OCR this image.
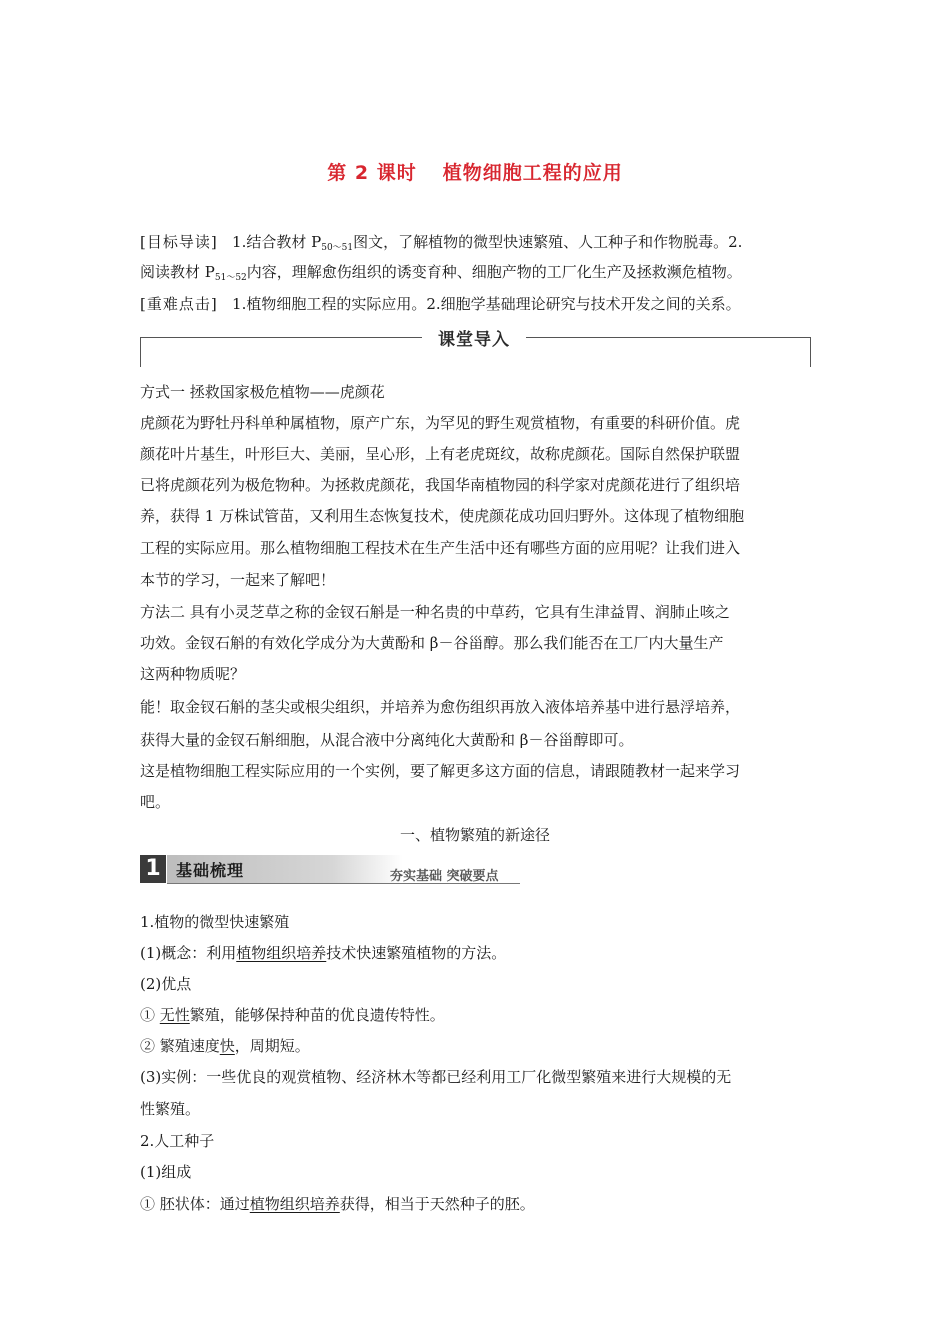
第 2 课时 植物细胞工程的应用
[目标导读] 1.结合教材 $P_{50\sim 51}$图文，了解植物的微型快速繁殖、人工种子和作物脱毒。2.
阅读教材 $P_{51\sim 52}$内容，理解愈伤组织的诱变育种、细胞产物的工厂化生产及拯救濒危植物。
[重难点击] 1.植物细胞工程的实际应用。2.细胞学基础理论研究与技术开发之间的关系。
课堂导入
方式一 拯救国家极危植物——虎颜花
虎颜花为野牡丹科单种属植物，原产广东，为罕见的野生观赏植物，有重要的科研价值。虎
颜花叶片基生，叶形巨大、美丽，呈心形，上有老虎斑纹，故称虎颜花。国际自然保护联盟
已将虎颜花列为极危物种。为拯救虎颜花，我国华南植物园的科学家对虎颜花进行了组织培
养，获得 1 万株试管苗，又利用生态恢复技术，使虎颜花成功回归野外。这体现了植物细胞
工程的实际应用。那么植物细胞工程技术在生产生活中还有哪些方面的应用呢？让我们进入
本节的学习，一起来了解吧！
方法二 具有小灵芝草之称的金钗石斛是一种名贵的中草药，它具有生津益胃、润肺止咳之
功效。金钗石斛的有效化学成分为大黄酚和 β－谷甾醇。那么我们能否在工厂内大量生产
这两种物质呢？
能！取金钗石斛的茎尖或根尖组织，并培养为愈伤组织再放入液体培养基中进行悬浮培养，
获得大量的金钗石斛细胞，从混合液中分离纯化大黄酚和 β－谷甾醇即可。
这是植物细胞工程实际应用的一个实例，要了解更多这方面的信息，请跟随教材一起来学习
吧。
一、植物繁殖的新途径
1 基础梳理	夯实基础 突破要点
1.植物的微型快速繁殖
(1)概念：利用植物组织培养技术快速繁殖植物的方法。
(2)优点
① 无性繁殖，能够保持种苗的优良遗传特性。
② 繁殖速度快，周期短。
(3)实例：一些优良的观赏植物、经济林木等都已经利用工厂化微型繁殖来进行大规模的无
性繁殖。
2.人工种子
(1)组成
① 胚状体：通过植物组织培养获得，相当于天然种子的胚。
